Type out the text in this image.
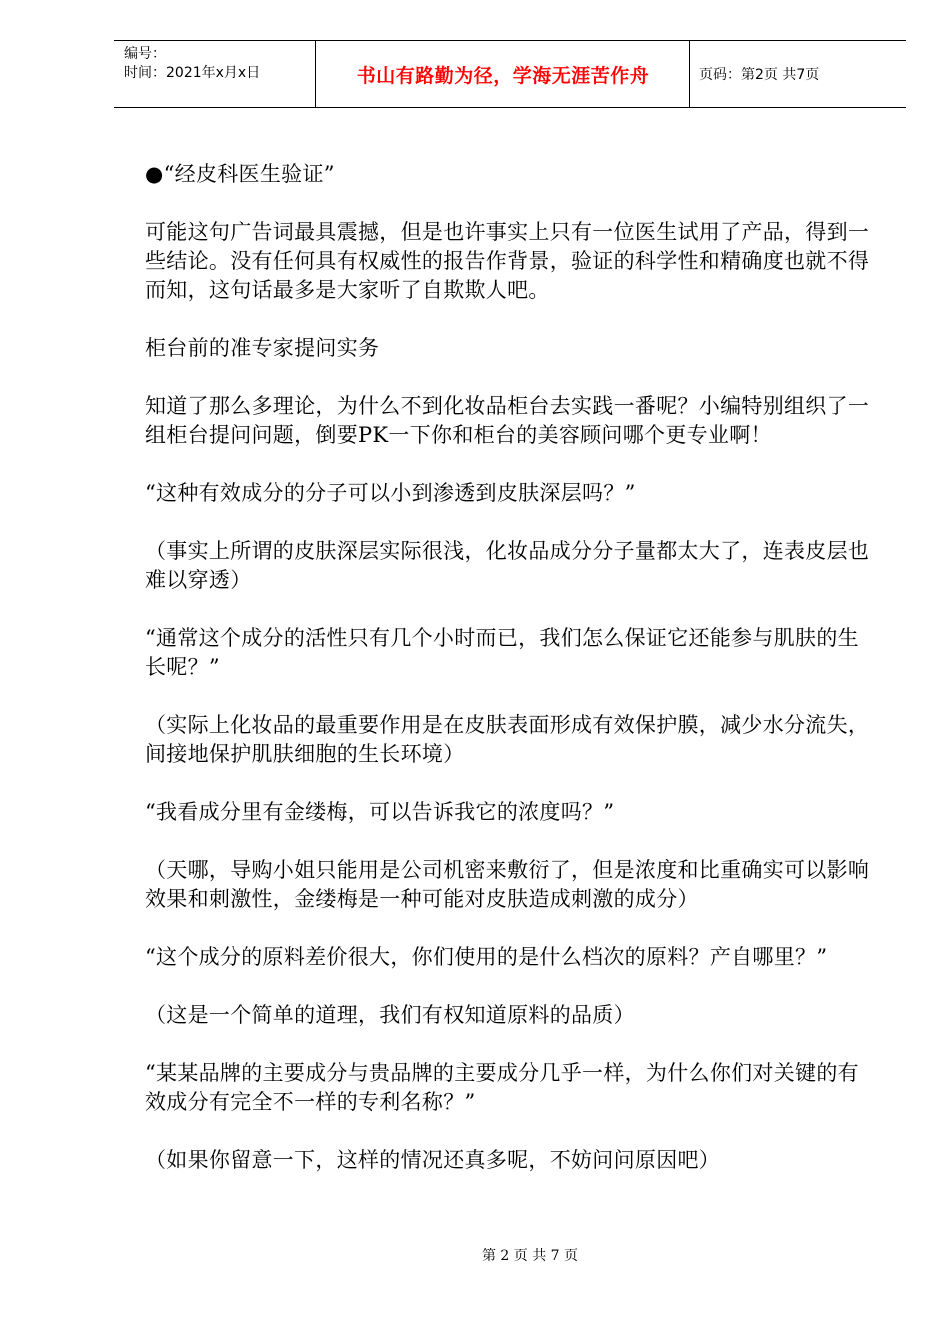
编号：
时间：2021年x月x日	书山有路勤为径，学海无涯苦作舟	页码：第2页 共7页

●“经皮科医生验证”

可能这句广告词最具震撼，但是也许事实上只有一位医生试用了产品，得到一些结论。没有任何具有权威性的报告作背景，验证的科学性和精确度也就不得而知，这句话最多是大家听了自欺欺人吧。

柜台前的准专家提问实务

知道了那么多理论，为什么不到化妆品柜台去实践一番呢？小编特别组织了一组柜台提问问题，倒要PK一下你和柜台的美容顾问哪个更专业啊！

“这种有效成分的分子可以小到渗透到皮肤深层吗？”

（事实上所谓的皮肤深层实际很浅，化妆品成分分子量都太大了，连表皮层也难以穿透）

“通常这个成分的活性只有几个小时而已，我们怎么保证它还能参与肌肤的生长呢？”

（实际上化妆品的最重要作用是在皮肤表面形成有效保护膜，减少水分流失，间接地保护肌肤细胞的生长环境）

“我看成分里有金缕梅，可以告诉我它的浓度吗？”

（天哪，导购小姐只能用是公司机密来敷衍了，但是浓度和比重确实可以影响效果和刺激性，金缕梅是一种可能对皮肤造成刺激的成分）

“这个成分的原料差价很大，你们使用的是什么档次的原料？产自哪里？”

（这是一个简单的道理，我们有权知道原料的品质）

“某某品牌的主要成分与贵品牌的主要成分几乎一样，为什么你们对关键的有效成分有完全不一样的专利名称？”

（如果你留意一下，这样的情况还真多呢，不妨问问原因吧）

第 2 页 共 7 页
